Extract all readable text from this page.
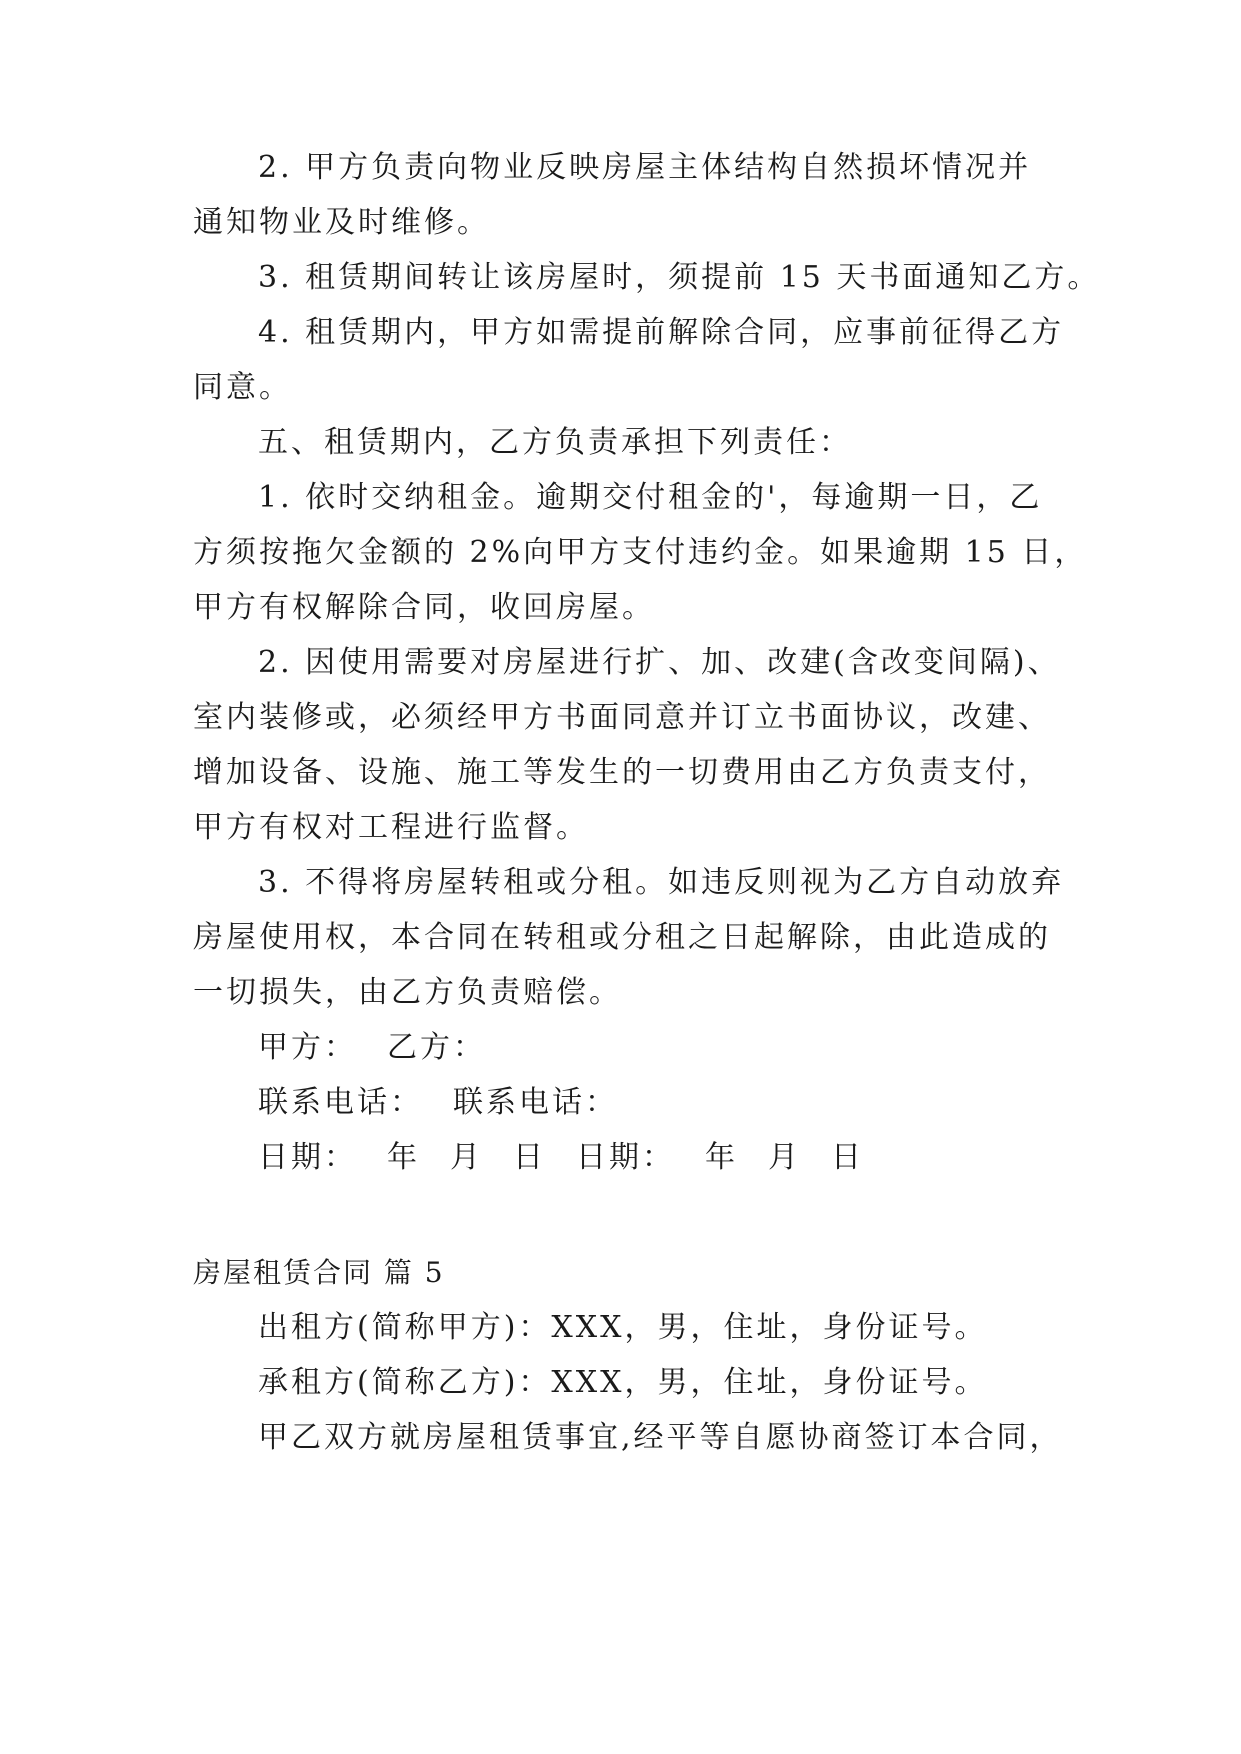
2. 甲方负责向物业反映房屋主体结构自然损坏情况并

通知物业及时维修。

3. 租赁期间转让该房屋时，须提前 15 天书面通知乙方。

4. 租赁期内，甲方如需提前解除合同，应事前征得乙方

同意。

五、租赁期内，乙方负责承担下列责任：

1. 依时交纳租金。逾期交付租金的'，每逾期一日，乙

方须按拖欠金额的 2%向甲方支付违约金。如果逾期 15 日，

甲方有权解除合同，收回房屋。

2. 因使用需要对房屋进行扩、加、改建(含改变间隔)、

室内装修或，必须经甲方书面同意并订立书面协议，改建、

增加设备、设施、施工等发生的一切费用由乙方负责支付，

甲方有权对工程进行监督。

3. 不得将房屋转租或分租。如违反则视为乙方自动放弃

房屋使用权，本合同在转租或分租之日起解除，由此造成的

一切损失，由乙方负责赔偿。

甲方： 乙方：
联系电话： 联系电话：
日期： 年 月 日 日期： 年 月 日
房屋租赁合同 篇 5

出租方(简称甲方)：XXX，男，住址，身份证号。

承租方(简称乙方)：XXX，男，住址，身份证号。

甲乙双方就房屋租赁事宜,经平等自愿协商签订本合同，
